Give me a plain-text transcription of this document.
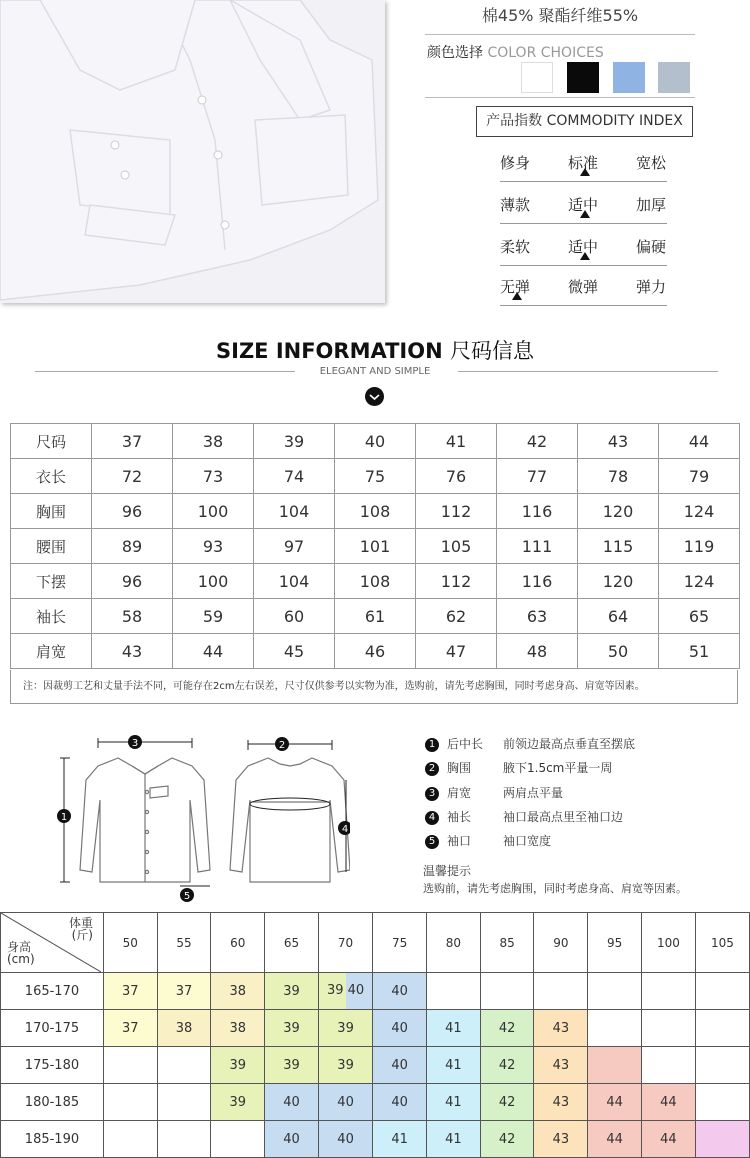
棉45% 聚酯纤维55%
颜色选择 COLOR CHOICES
产品指数 COMMODITY INDEX
修身	标准	宽松
薄款	适中	加厚
柔软	适中	偏硬
无弹	微弹	弹力
SIZE INFORMATION 尺码信息
ELEGANT AND SIMPLE
尺码	37	38	39	40	41	42	43	44
衣长	72	73	74	75	76	77	78	79
胸围	96	100	104	108	112	116	120	124
腰围	89	93	97	101	105	111	115	119
下摆	96	100	104	108	112	116	120	124
袖长	58	59	60	61	62	63	64	65
肩宽	43	44	45	46	47	48	50	51
注：因裁剪工艺和丈量手法不同，可能存在2cm左右误差，尺寸仅供参考以实物为准，选购前，请先考虑胸围，同时考虑身高、肩宽等因素。
3
1
2
4
5
1 后中长 前领边最高点垂直至摆底
2 胸围	腋下1.5cm平量一周
3 肩宽	两肩点平量
4 袖长	袖口最高点里至袖口边
5 袖口	袖口宽度
温馨提示
选购前，请先考虑胸围，同时考虑身高、肩宽等因素。
体重
(斤)
身高
(cm)	50	55	60	65	70	75	80	85	90	95	100	105
165-170	37	37	38	39	39 40	40						
170-175	37	38	38	39	39	40	41	42	43			
175-180			39	39	39	40	41	42	43			
180-185			39	40	40	40	41	42	43	44	44	
185-190				40	40	41	41	42	43	44	44	
